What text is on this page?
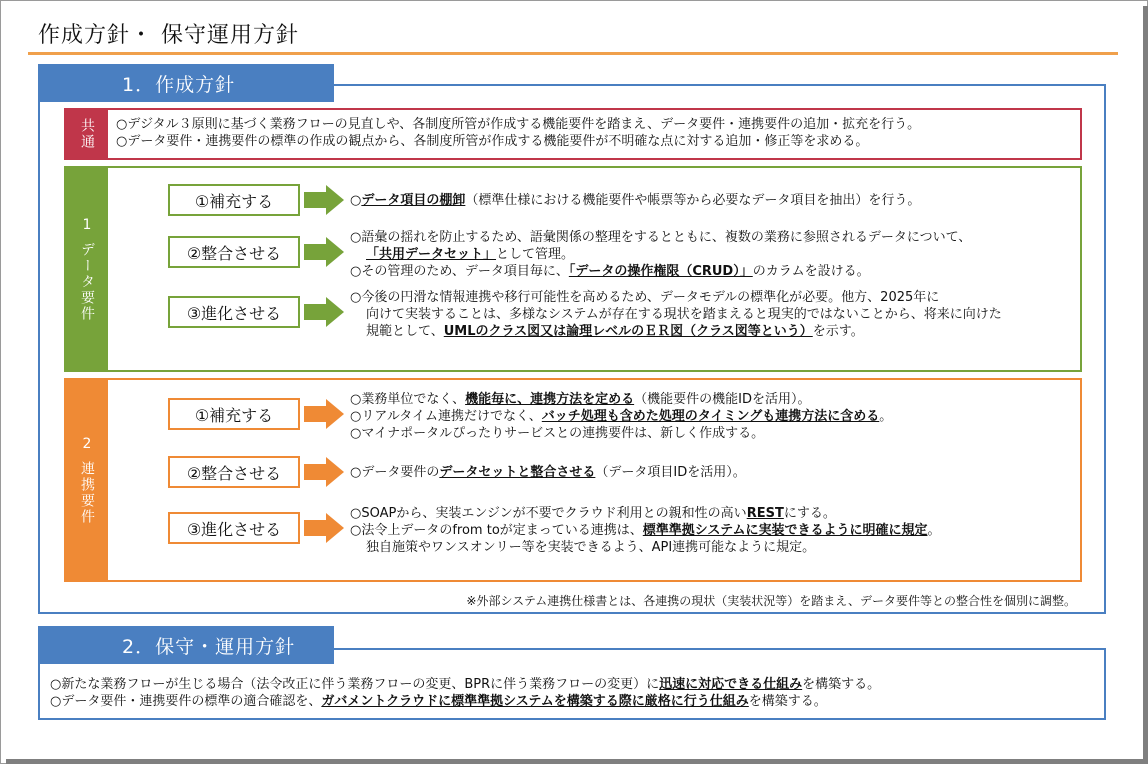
作成方針・ 保守運用方針
1．作成方針
共通 ○デジタル３原則に基づく業務フローの見直しや、各制度所管が作成する機能要件を踏まえ、データ要件・連携要件の追加・拡充を行う。
○データ要件・連携要件の標準の作成の観点から、各制度所管が作成する機能要件が不明確な点に対する追加・修正等を求める。
1
データ要件
①補充する	○データ項目の棚卸（標準仕様における機能要件や帳票等から必要なデータ項目を抽出）を行う。
②整合させる
○語彙の揺れを防止するため、語彙関係の整理をするとともに、複数の業務に参照されるデータについて、
「共用データセット」として管理。
○その管理のため、データ項目毎に、「データの操作権限（CRUD）」のカラムを設ける。
③進化させる
○今後の円滑な情報連携や移行可能性を高めるため、データモデルの標準化が必要。他方、2025年に
向けて実装することは、多様なシステムが存在する現状を踏まえると現実的ではないことから、将来に向けた
規範として、UMLのクラス図又は論理レベルのＥＲ図（クラス図等という）を示す。
2
連携要件
①補充する
○業務単位でなく、機能毎に、連携方法を定める（機能要件の機能IDを活用）。
○リアルタイム連携だけでなく、バッチ処理も含めた処理のタイミングも連携方法に含める。
○マイナポータルぴったりサービスとの連携要件は、新しく作成する。
②整合させる	○データ要件のデータセットと整合させる（データ項目IDを活用）。
③進化させる
○SOAPから、実装エンジンが不要でクラウド利用との親和性の高いRESTにする。
○法令上データのfrom toが定まっている連携は、標準準拠システムに実装できるように明確に規定。
独自施策やワンスオンリー等を実装できるよう、API連携可能なように規定。
※外部システム連携仕様書とは、各連携の現状（実装状況等）を踏まえ、データ要件等との整合性を個別に調整。
2．保守・運用方針
○新たな業務フローが生じる場合（法令改正に伴う業務フローの変更、BPRに伴う業務フローの変更）に迅速に対応できる仕組みを構築する。
○データ要件・連携要件の標準の適合確認を、ガバメントクラウドに標準準拠システムを構築する際に厳格に行う仕組みを構築する。
